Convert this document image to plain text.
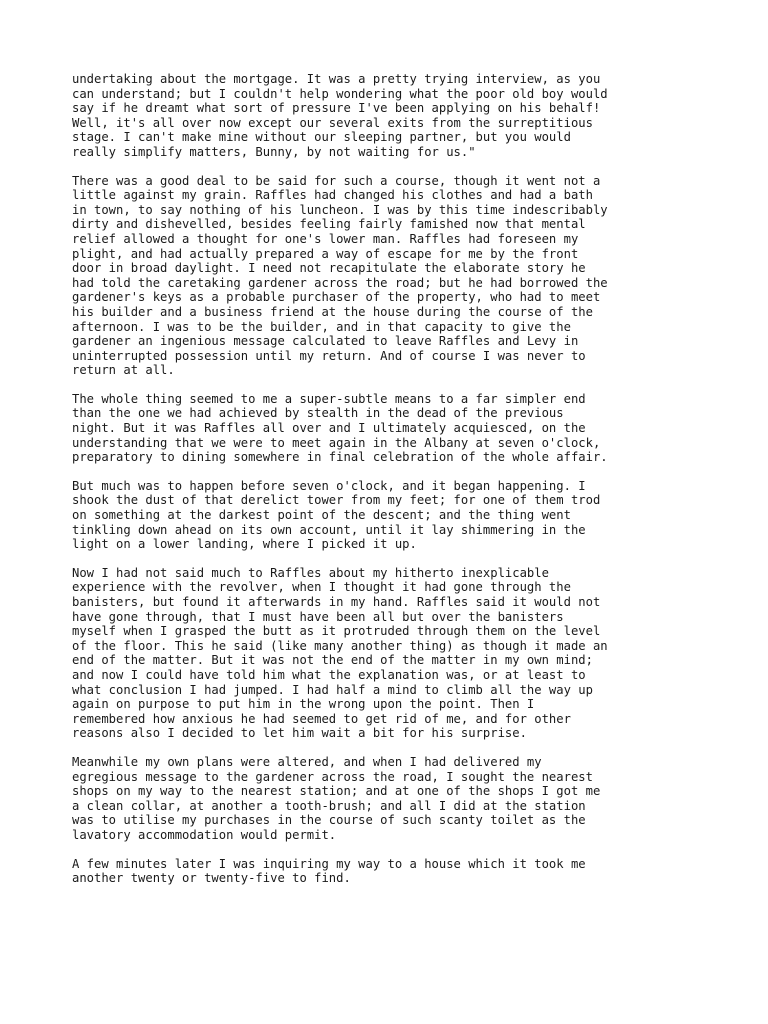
undertaking about the mortgage. It was a pretty trying interview, as you
can understand; but I couldn't help wondering what the poor old boy would
say if he dreamt what sort of pressure I've been applying on his behalf!
Well, it's all over now except our several exits from the surreptitious
stage. I can't make mine without our sleeping partner, but you would
really simplify matters, Bunny, by not waiting for us."

There was a good deal to be said for such a course, though it went not a
little against my grain. Raffles had changed his clothes and had a bath
in town, to say nothing of his luncheon. I was by this time indescribably
dirty and dishevelled, besides feeling fairly famished now that mental
relief allowed a thought for one's lower man. Raffles had foreseen my
plight, and had actually prepared a way of escape for me by the front
door in broad daylight. I need not recapitulate the elaborate story he
had told the caretaking gardener across the road; but he had borrowed the
gardener's keys as a probable purchaser of the property, who had to meet
his builder and a business friend at the house during the course of the
afternoon. I was to be the builder, and in that capacity to give the
gardener an ingenious message calculated to leave Raffles and Levy in
uninterrupted possession until my return. And of course I was never to
return at all.

The whole thing seemed to me a super-subtle means to a far simpler end
than the one we had achieved by stealth in the dead of the previous
night. But it was Raffles all over and I ultimately acquiesced, on the
understanding that we were to meet again in the Albany at seven o'clock,
preparatory to dining somewhere in final celebration of the whole affair.

But much was to happen before seven o'clock, and it began happening. I
shook the dust of that derelict tower from my feet; for one of them trod
on something at the darkest point of the descent; and the thing went
tinkling down ahead on its own account, until it lay shimmering in the
light on a lower landing, where I picked it up.

Now I had not said much to Raffles about my hitherto inexplicable
experience with the revolver, when I thought it had gone through the
banisters, but found it afterwards in my hand. Raffles said it would not
have gone through, that I must have been all but over the banisters
myself when I grasped the butt as it protruded through them on the level
of the floor. This he said (like many another thing) as though it made an
end of the matter. But it was not the end of the matter in my own mind;
and now I could have told him what the explanation was, or at least to
what conclusion I had jumped. I had half a mind to climb all the way up
again on purpose to put him in the wrong upon the point. Then I
remembered how anxious he had seemed to get rid of me, and for other
reasons also I decided to let him wait a bit for his surprise.

Meanwhile my own plans were altered, and when I had delivered my
egregious message to the gardener across the road, I sought the nearest
shops on my way to the nearest station; and at one of the shops I got me
a clean collar, at another a tooth-brush; and all I did at the station
was to utilise my purchases in the course of such scanty toilet as the
lavatory accommodation would permit.

A few minutes later I was inquiring my way to a house which it took me
another twenty or twenty-five to find.
